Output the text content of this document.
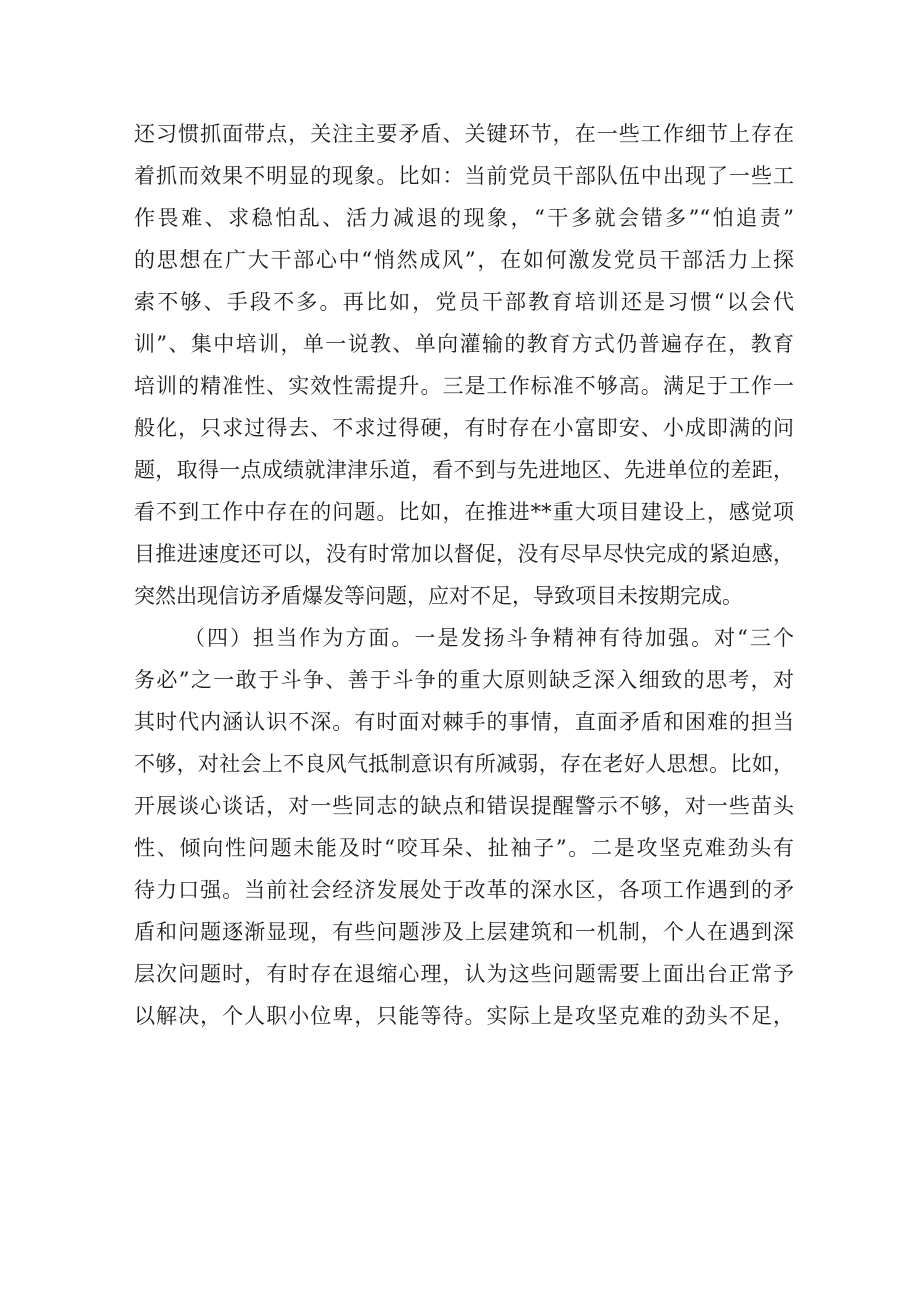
还习惯抓面带点，关注主要矛盾、关键环节，在一些工作细节上存在
着抓而效果不明显的现象。比如：当前党员干部队伍中出现了一些工
作畏难、求稳怕乱、活力减退的现象，“干多就会错多”“怕追责”
的思想在广大干部心中“悄然成风”，在如何激发党员干部活力上探
索不够、手段不多。再比如，党员干部教育培训还是习惯“以会代
训”、集中培训，单一说教、单向灌输的教育方式仍普遍存在，教育
培训的精准性、实效性需提升。三是工作标准不够高。满足于工作一
般化，只求过得去、不求过得硬，有时存在小富即安、小成即满的问
题，取得一点成绩就津津乐道，看不到与先进地区、先进单位的差距，
看不到工作中存在的问题。比如，在推进**重大项目建设上，感觉项
目推进速度还可以，没有时常加以督促，没有尽早尽快完成的紧迫感，
突然出现信访矛盾爆发等问题，应对不足，导致项目未按期完成。
（四）担当作为方面。一是发扬斗争精神有待加强。对“三个
务必”之一敢于斗争、善于斗争的重大原则缺乏深入细致的思考，对
其时代内涵认识不深。有时面对棘手的事情，直面矛盾和困难的担当
不够，对社会上不良风气抵制意识有所减弱，存在老好人思想。比如，
开展谈心谈话，对一些同志的缺点和错误提醒警示不够，对一些苗头
性、倾向性问题未能及时“咬耳朵、扯袖子”。二是攻坚克难劲头有
待力口强。当前社会经济发展处于改革的深水区，各项工作遇到的矛
盾和问题逐渐显现，有些问题涉及上层建筑和一机制，个人在遇到深
层次问题时，有时存在退缩心理，认为这些问题需要上面出台正常予
以解决，个人职小位卑，只能等待。实际上是攻坚克难的劲头不足，
